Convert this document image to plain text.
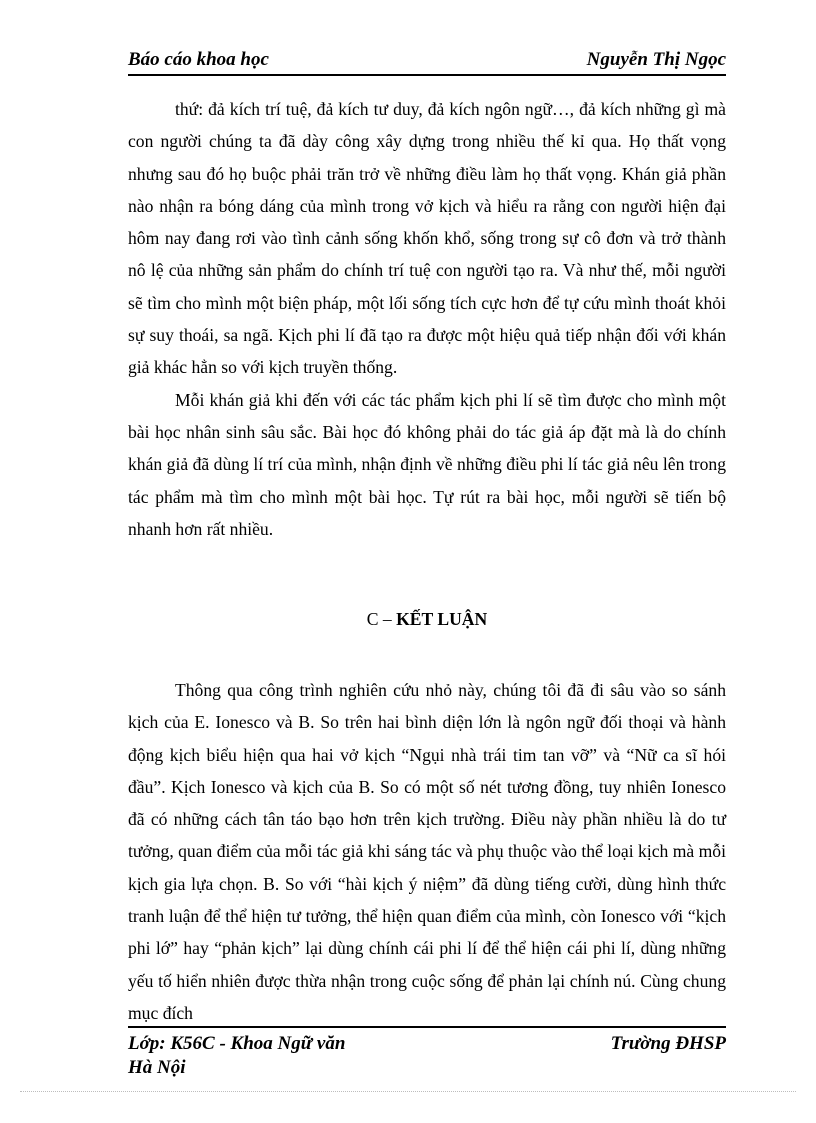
Báo cáo khoa học	Nguyễn Thị Ngọc

thứ: đả kích trí tuệ, đả kích tư duy, đả kích ngôn ngữ…, đả kích những gì mà con người chúng ta đã dày công xây dựng trong nhiều thế kỉ qua. Họ thất vọng nhưng sau đó họ buộc phải trăn trở về những điều làm họ thất vọng. Khán giả phần nào nhận ra bóng dáng của mình trong vở kịch và hiểu ra rằng con người hiện đại hôm nay đang rơi vào tình cảnh sống khốn khổ, sống trong sự cô đơn và trở thành nô lệ của những sản phẩm do chính trí tuệ con người tạo ra. Và như thế, mỗi người sẽ tìm cho mình một biện pháp, một lối sống tích cực hơn để tự cứu mình thoát khỏi sự suy thoái, sa ngã. Kịch phi lí đã tạo ra được một hiệu quả tiếp nhận đối với khán giả khác hẳn so với kịch truyền thống.

Mỗi khán giả khi đến với các tác phẩm kịch phi lí sẽ tìm được cho mình một bài học nhân sinh sâu sắc. Bài học đó không phải do tác giả áp đặt mà là do chính khán giả đã dùng lí trí của mình, nhận định về những điều phi lí tác giả nêu lên trong tác phẩm mà tìm cho mình một bài học. Tự rút ra bài học, mỗi người sẽ tiến bộ nhanh hơn rất nhiều.

C – KẾT LUẬN

Thông qua công trình nghiên cứu nhỏ này, chúng tôi đã đi sâu vào so sánh kịch của E. Ionesco và B. So trên hai bình diện lớn là ngôn ngữ đối thoại và hành động kịch biểu hiện qua hai vở kịch “Ngụi nhà trái tim tan vỡ” và “Nữ ca sĩ hói đầu”. Kịch Ionesco và kịch của B. So có một số nét tương đồng, tuy nhiên Ionesco đã có những cách tân táo bạo hơn trên kịch trường. Điều này phần nhiều là do tư tưởng, quan điểm của mỗi tác giả khi sáng tác và phụ thuộc vào thể loại kịch mà mỗi kịch gia lựa chọn. B. So với “hài kịch ý niệm” đã dùng tiếng cười, dùng hình thức tranh luận để thể hiện tư tưởng, thể hiện quan điểm của mình, còn Ionesco với “kịch phi lớ” hay “phản kịch” lại dùng chính cái phi lí để thể hiện cái phi lí, dùng những yếu tố hiển nhiên được thừa nhận trong cuộc sống để phản lại chính nú. Cùng chung mục đích

Lớp: K56C - Khoa Ngữ văn
Hà Nội
Trường ĐHSP
